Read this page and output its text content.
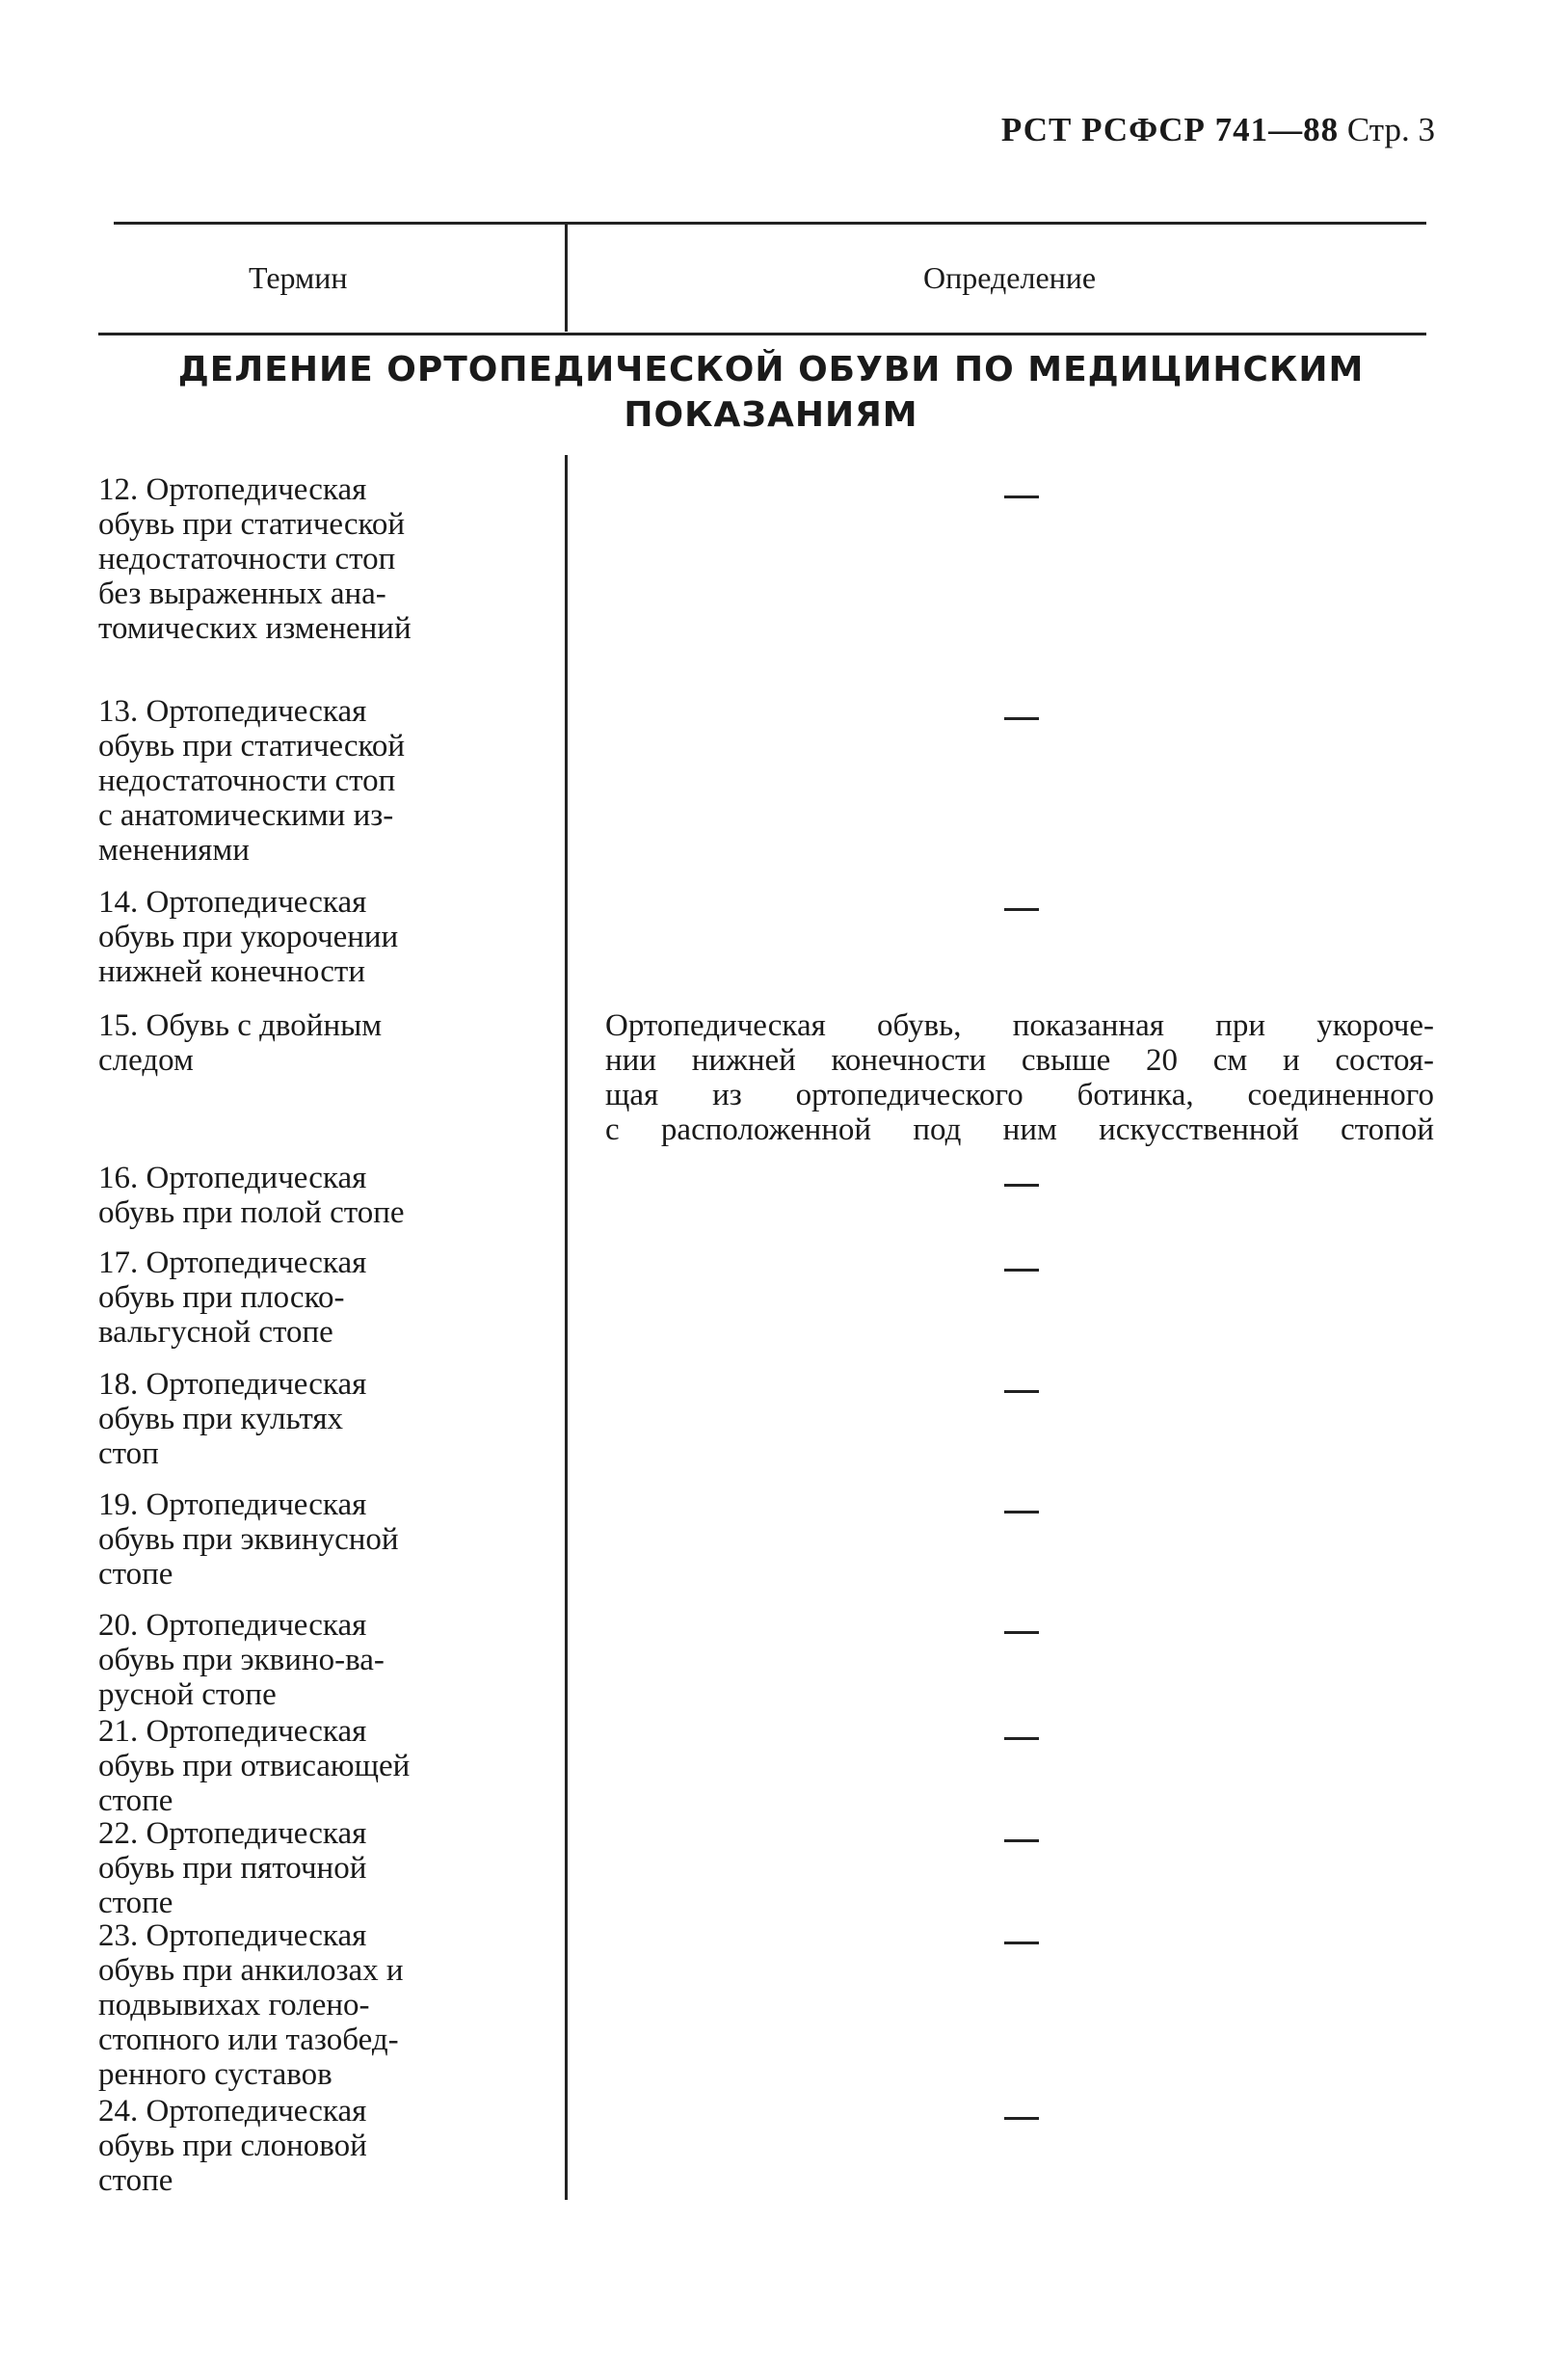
РСТ РСФСР 741—88 Стр. 3
Термин	Определение
ДЕЛЕНИЕ ОРТОПЕДИЧЕСКОЙ ОБУВИ ПО МЕДИЦИНСКИМ ПОКАЗАНИЯМ
12. Ортопедическая
обувь при статической
недостаточности стоп
без выраженных ана-
томических изменений
13. Ортопедическая
обувь при статической
недостаточности стоп
с анатомическими из-
менениями
14. Ортопедическая
обувь при укорочении
нижней конечности
15. Обувь с двойным
следом
Ортопедическая обувь, показанная при укороче-
нии нижней конечности свыше 20 см и состоя-
щая из ортопедического ботинка, соединенного
с расположенной под ним искусственной стопой
16. Ортопедическая
обувь при полой стопе
17. Ортопедическая
обувь при плоско-
вальгусной стопе
18. Ортопедическая
обувь при культях
стоп
19. Ортопедическая
обувь при эквинусной
стопе
20. Ортопедическая
обувь при эквино-ва-
русной стопе
21. Ортопедическая
обувь при отвисающей
стопе
22. Ортопедическая
обувь при пяточной
стопе
23. Ортопедическая
обувь при анкилозах и
подвывихах голено-
стопного или тазобед-
ренного суставов
24. Ортопедическая
обувь при слоновой
стопе
